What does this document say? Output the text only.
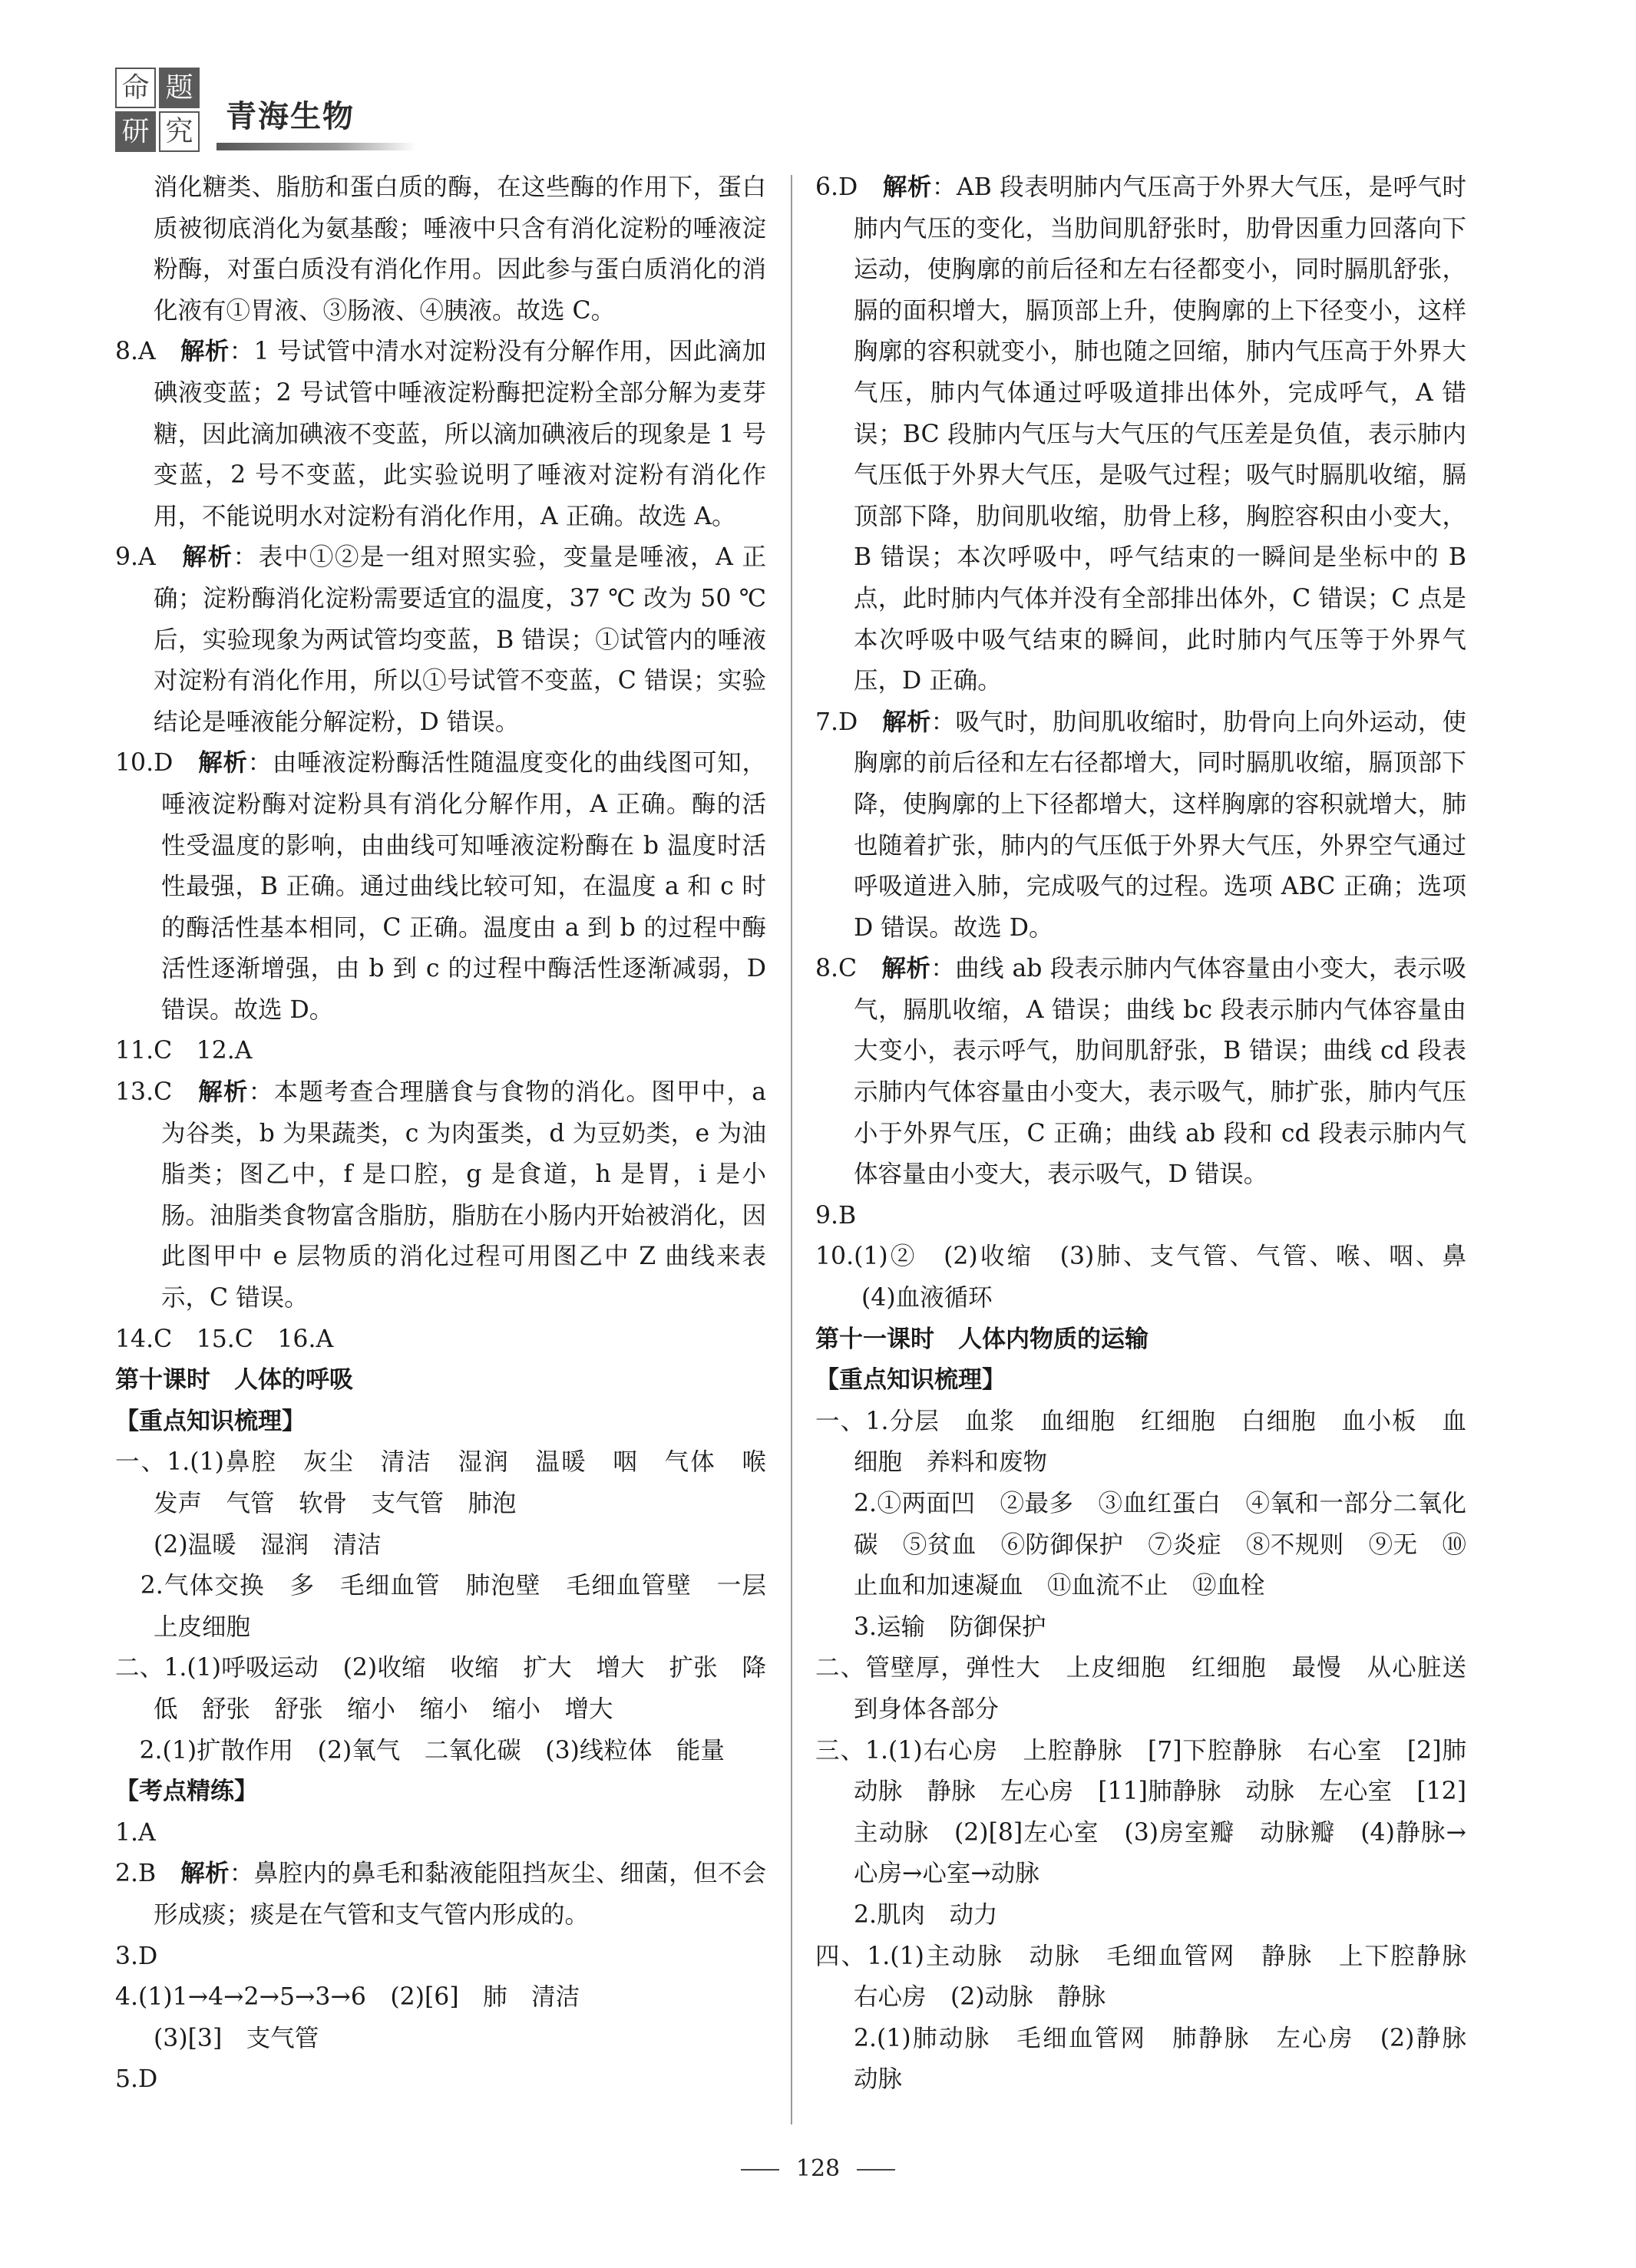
命 题
研 究 青海生物

消化糖类、脂肪和蛋白质的酶，在这些酶的作用下，蛋白质被彻底消化为氨基酸；唾液中只含有消化淀粉的唾液淀粉酶，对蛋白质没有消化作用。因此参与蛋白质消化的消化液有①胃液、③肠液、④胰液。故选 C。

8.A　 解析：1 号试管中清水对淀粉没有分解作用，因此滴加碘液变蓝；2 号试管中唾液淀粉酶把淀粉全部分解为麦芽糖，因此滴加碘液不变蓝，所以滴加碘液后的现象是 1 号变蓝，2 号不变蓝，此实验说明了唾液对淀粉有消化作用，不能说明水对淀粉有消化作用，A 正确。故选 A。

9.A　 解析：表中①②是一组对照实验，变量是唾液，A 正确；淀粉酶消化淀粉需要适宜的温度，37 ℃ 改为 50 ℃ 后，实验现象为两试管均变蓝，B 错误；①试管内的唾液对淀粉有消化作用，所以①号试管不变蓝，C 错误；实验结论是唾液能分解淀粉，D 错误。

10.D　 解析：由唾液淀粉酶活性随温度变化的曲线图可知，唾液淀粉酶对淀粉具有消化分解作用，A 正确。酶的活性受温度的影响，由曲线可知唾液淀粉酶在 b 温度时活性最强，B 正确。通过曲线比较可知，在温度 a 和 c 时的酶活性基本相同，C 正确。温度由 a 到 b 的过程中酶活性逐渐增强，由 b 到 c 的过程中酶活性逐渐减弱，D 错误。故选 D。

11.C　12.A

13.C　 解析：本题考查合理膳食与食物的消化。图甲中，a 为谷类，b 为果蔬类，c 为肉蛋类，d 为豆奶类，e 为油脂类；图乙中，f 是口腔，g 是食道，h 是胃，i 是小肠。油脂类食物富含脂肪，脂肪在小肠内开始被消化，因此图甲中 e 层物质的消化过程可用图乙中 Z 曲线来表示，C 错误。

14.C　15.C　16.A

第十课时　人体的呼吸

【重点知识梳理】

一、1.(1)鼻腔　灰尘　清洁　湿润　温暖　咽　气体　喉　发声　气管　软骨　支气管　肺泡

(2)温暖　湿润　清洁

　2.气体交换　多　毛细血管　肺泡壁　毛细血管壁　一层上皮细胞

二、1.(1)呼吸运动　(2)收缩　收缩　扩大　增大　扩张　降低　舒张　舒张　缩小　缩小　缩小　增大

　2.(1)扩散作用　(2)氧气　二氧化碳　(3)线粒体　能量

【考点精练】

1.A

2.B　 解析：鼻腔内的鼻毛和黏液能阻挡灰尘、细菌，但不会形成痰；痰是在气管和支气管内形成的。

3.D

4.(1)1→4→2→5→3→6　(2)[6]　肺　清洁

(3)[3]　支气管

5.D

6.D　 解析：AB 段表明肺内气压高于外界大气压，是呼气时肺内气压的变化，当肋间肌舒张时，肋骨因重力回落向下运动，使胸廓的前后径和左右径都变小，同时膈肌舒张，膈的面积增大，膈顶部上升，使胸廓的上下径变小，这样胸廓的容积就变小，肺也随之回缩，肺内气压高于外界大气压，肺内气体通过呼吸道排出体外，完成呼气，A 错误；BC 段肺内气压与大气压的气压差是负值，表示肺内气压低于外界大气压，是吸气过程；吸气时膈肌收缩，膈顶部下降，肋间肌收缩，肋骨上移，胸腔容积由小变大，B 错误；本次呼吸中，呼气结束的一瞬间是坐标中的 B 点，此时肺内气体并没有全部排出体外，C 错误；C 点是本次呼吸中吸气结束的瞬间，此时肺内气压等于外界气压，D 正确。

7.D　 解析：吸气时，肋间肌收缩时，肋骨向上向外运动，使胸廓的前后径和左右径都增大，同时膈肌收缩，膈顶部下降，使胸廓的上下径都增大，这样胸廓的容积就增大，肺也随着扩张，肺内的气压低于外界大气压，外界空气通过呼吸道进入肺，完成吸气的过程。选项 ABC 正确；选项 D 错误。故选 D。

8.C　 解析：曲线 ab 段表示肺内气体容量由小变大，表示吸气，膈肌收缩，A 错误；曲线 bc 段表示肺内气体容量由大变小，表示呼气，肋间肌舒张，B 错误；曲线 cd 段表示肺内气体容量由小变大，表示吸气，肺扩张，肺内气压小于外界气压，C 正确；曲线 ab 段和 cd 段表示肺内气体容量由小变大，表示吸气，D 错误。

9.B

10.(1)②　(2)收缩　(3)肺、支气管、气管、喉、咽、鼻　(4)血液循环

第十一课时　人体内物质的运输

【重点知识梳理】

一、1.分层　血浆　血细胞　红细胞　白细胞　血小板　血细胞　养料和废物

2.①两面凹　②最多　③血红蛋白　④氧和一部分二氧化碳　⑤贫血　⑥防御保护　⑦炎症　⑧不规则　⑨无　⑩止血和加速凝血　⑪血流不止　⑫血栓

3.运输　防御保护

二、管壁厚，弹性大　上皮细胞　红细胞　最慢　从心脏送到身体各部分

三、1.(1)右心房　上腔静脉　[7]下腔静脉　右心室　[2]肺动脉　静脉　左心房　[11]肺静脉　动脉　左心室　[12]主动脉　(2)[8]左心室　(3)房室瓣　动脉瓣　(4)静脉→心房→心室→动脉

2.肌肉　动力

四、1.(1)主动脉　动脉　毛细血管网　静脉　上下腔静脉　右心房　(2)动脉　静脉

2.(1)肺动脉　毛细血管网　肺静脉　左心房　(2)静脉　动脉

128
